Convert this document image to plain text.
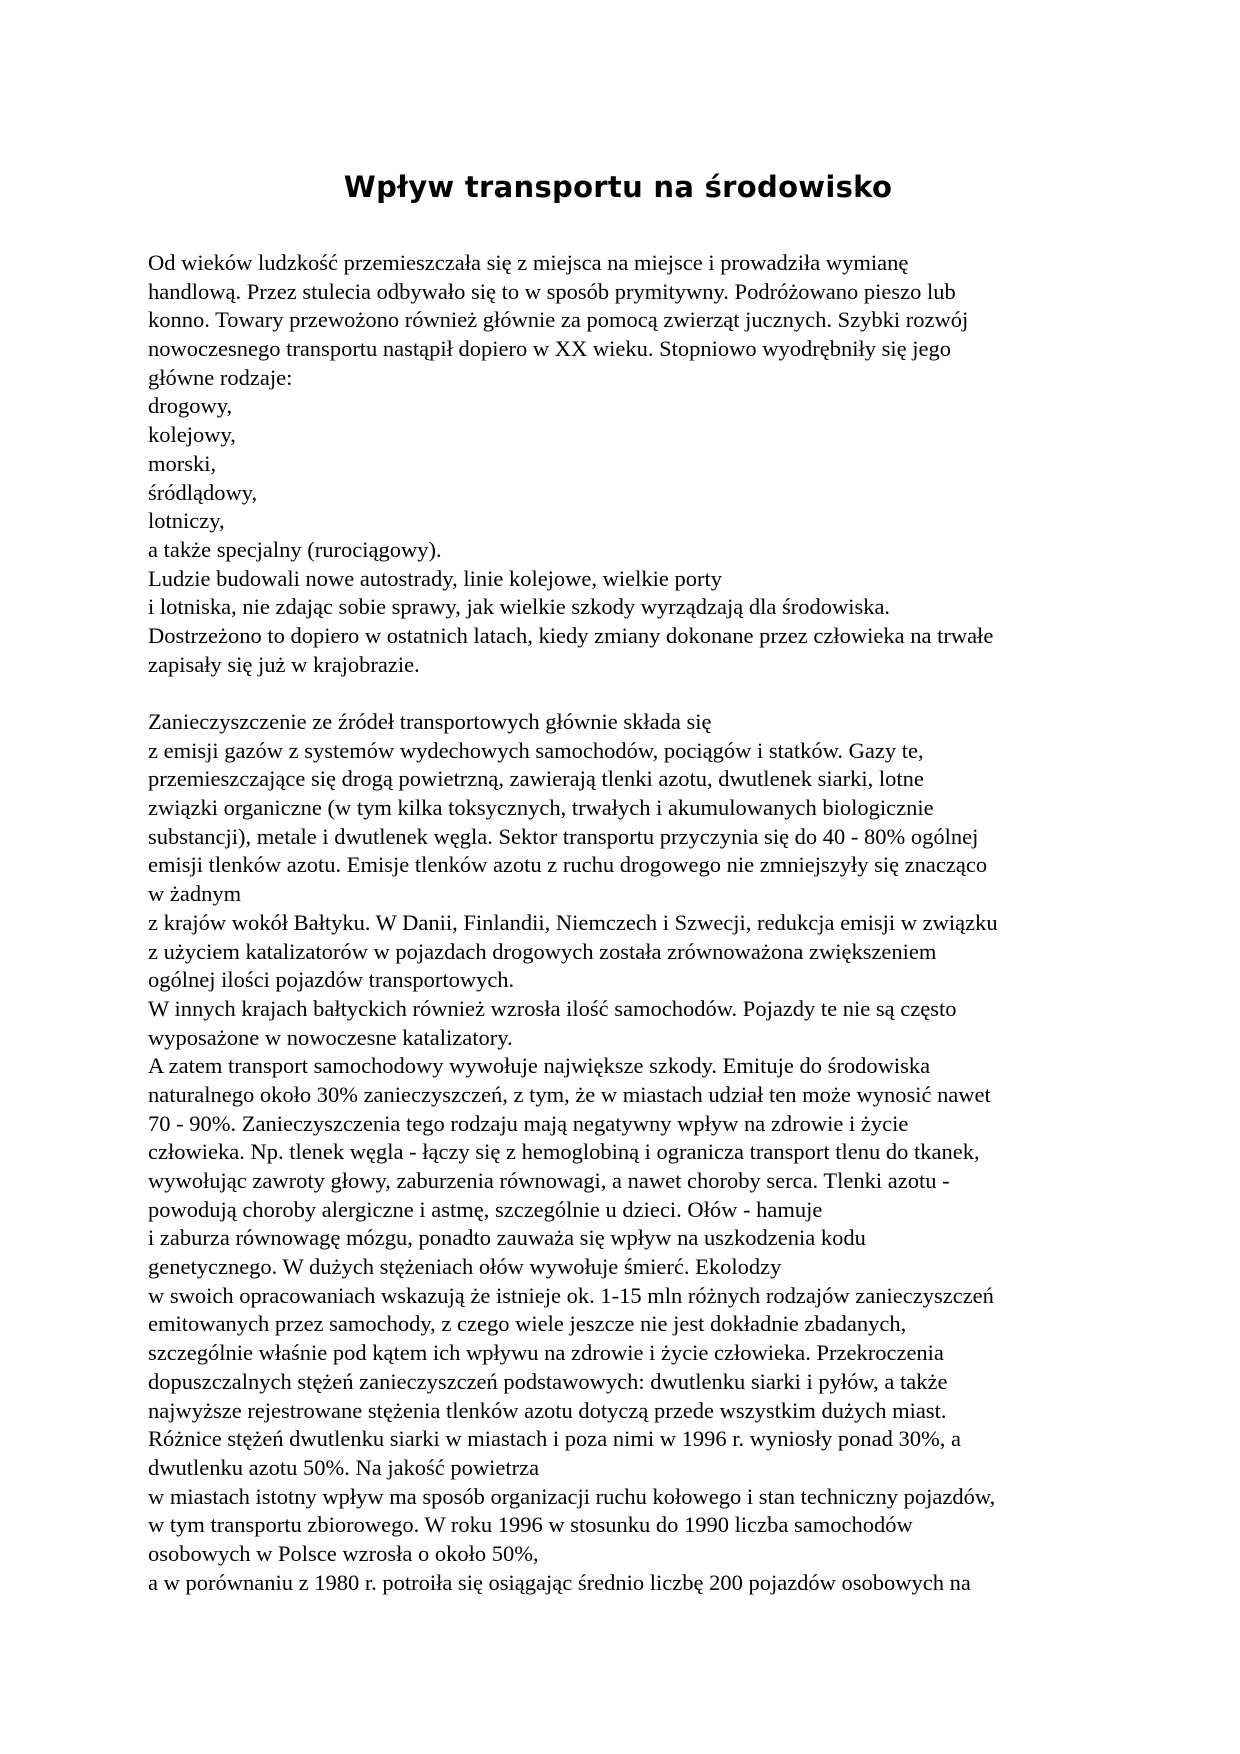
Wpływ transportu na środowisko
Od wieków ludzkość przemieszczała się z miejsca na miejsce i prowadziła wymianę
handlową. Przez stulecia odbywało się to w sposób prymitywny. Podróżowano pieszo lub
konno. Towary przewożono również głównie za pomocą zwierząt jucznych. Szybki rozwój
nowoczesnego transportu nastąpił dopiero w XX wieku. Stopniowo wyodrębniły się jego
główne rodzaje:
drogowy,
kolejowy,
morski,
śródlądowy,
lotniczy,
a także specjalny (rurociągowy).
Ludzie budowali nowe autostrady, linie kolejowe, wielkie porty
i lotniska, nie zdając sobie sprawy, jak wielkie szkody wyrządzają dla środowiska.
Dostrzeżono to dopiero w ostatnich latach, kiedy zmiany dokonane przez człowieka na trwałe
zapisały się już w krajobrazie.
Zanieczyszczenie ze źródeł transportowych głównie składa się
z emisji gazów z systemów wydechowych samochodów, pociągów i statków. Gazy te,
przemieszczające się drogą powietrzną, zawierają tlenki azotu, dwutlenek siarki, lotne
związki organiczne (w tym kilka toksycznych, trwałych i akumulowanych biologicznie
substancji), metale i dwutlenek węgla. Sektor transportu przyczynia się do 40 - 80% ogólnej
emisji tlenków azotu. Emisje tlenków azotu z ruchu drogowego nie zmniejszyły się znacząco
w żadnym
z krajów wokół Bałtyku. W Danii, Finlandii, Niemczech i Szwecji, redukcja emisji w związku
z użyciem katalizatorów w pojazdach drogowych została zrównoważona zwiększeniem
ogólnej ilości pojazdów transportowych.
W innych krajach bałtyckich również wzrosła ilość samochodów. Pojazdy te nie są często
wyposażone w nowoczesne katalizatory.
A zatem transport samochodowy wywołuje największe szkody. Emituje do środowiska
naturalnego około 30% zanieczyszczeń, z tym, że w miastach udział ten może wynosić nawet
70 - 90%. Zanieczyszczenia tego rodzaju mają negatywny wpływ na zdrowie i życie
człowieka. Np. tlenek węgla - łączy się z hemoglobiną i ogranicza transport tlenu do tkanek,
wywołując zawroty głowy, zaburzenia równowagi, a nawet choroby serca. Tlenki azotu -
powodują choroby alergiczne i astmę, szczególnie u dzieci. Ołów - hamuje
i zaburza równowagę mózgu, ponadto zauważa się wpływ na uszkodzenia kodu
genetycznego. W dużych stężeniach ołów wywołuje śmierć. Ekolodzy
w swoich opracowaniach wskazują że istnieje ok. 1-15 mln różnych rodzajów zanieczyszczeń
emitowanych przez samochody, z czego wiele jeszcze nie jest dokładnie zbadanych,
szczególnie właśnie pod kątem ich wpływu na zdrowie i życie człowieka. Przekroczenia
dopuszczalnych stężeń zanieczyszczeń podstawowych: dwutlenku siarki i pyłów, a także
najwyższe rejestrowane stężenia tlenków azotu dotyczą przede wszystkim dużych miast.
Różnice stężeń dwutlenku siarki w miastach i poza nimi w 1996 r. wyniosły ponad 30%, a
dwutlenku azotu 50%. Na jakość powietrza
w miastach istotny wpływ ma sposób organizacji ruchu kołowego i stan techniczny pojazdów,
w tym transportu zbiorowego. W roku 1996 w stosunku do 1990 liczba samochodów
osobowych w Polsce wzrosła o około 50%,
a w porównaniu z 1980 r. potroiła się osiągając średnio liczbę 200 pojazdów osobowych na
